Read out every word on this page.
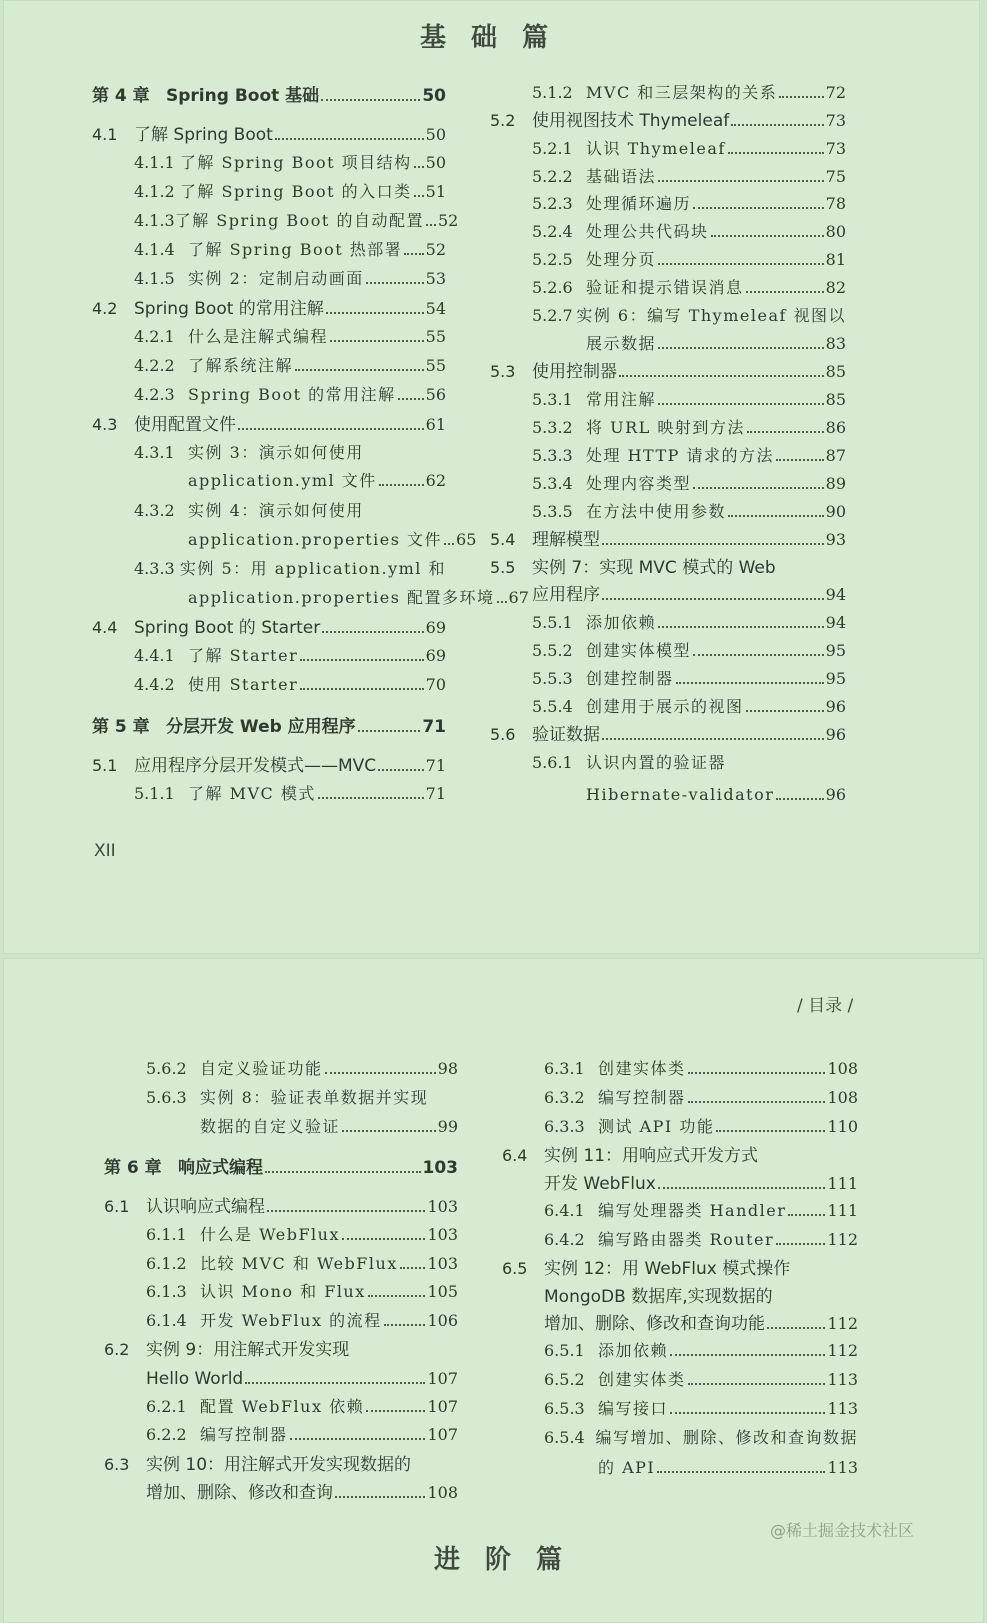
基 础 篇
第 4 章 Spring Boot 基础	50
4.1 了解 Spring Boot	50
4.1.1 了解 Spring Boot 项目结构 50
4.1.2 了解 Spring Boot 的入口类 51
4.1.3 了解 Spring Boot 的自动配置 52
4.1.4 了解 Spring Boot 热部署 52
4.1.5 实例 2：定制启动画面	53
4.2 Spring Boot 的常用注解	54
4.2.1 什么是注解式编程	55
4.2.2 了解系统注解	55
4.2.3 Spring Boot 的常用注解 56
4.3 使用配置文件	61
4.3.1 实例 3：演示如何使用
application.yml 文件	62
4.3.2 实例 4：演示如何使用
application.properties 文件 65
4.3.3 实例 5：用 application.yml 和
application.properties 配置多环境 67
4.4 Spring Boot 的 Starter	69
4.4.1 了解 Starter	69
4.4.2 使用 Starter	70
第 5 章 分层开发 Web 应用程序	71
5.1 应用程序分层开发模式——MVC	71
5.1.1 了解 MVC 模式	71
5.1.2 MVC 和三层架构的关系	72
5.2 使用视图技术 Thymeleaf	73
5.2.1 认识 Thymeleaf	73
5.2.2 基础语法	75
5.2.3 处理循环遍历	78
5.2.4 处理公共代码块	80
5.2.5 处理分页	81
5.2.6 验证和提示错误消息	82
5.2.7 实例 6：编写 Thymeleaf 视图以
展示数据	83
5.3 使用控制器	85
5.3.1 常用注解	85
5.3.2 将 URL 映射到方法	86
5.3.3 处理 HTTP 请求的方法	87
5.3.4 处理内容类型	89
5.3.5 在方法中使用参数	90
5.4 理解模型	93
5.5 实例 7：实现 MVC 模式的 Web
应用程序	94
5.5.1 添加依赖	94
5.5.2 创建实体模型	95
5.5.3 创建控制器	95
5.5.4 创建用于展示的视图	96
5.6 验证数据	96
5.6.1 认识内置的验证器
Hibernate-validator	96
XII
/ 目录 /
5.6.2 自定义验证功能	98
5.6.3 实例 8：验证表单数据并实现
数据的自定义验证	99
第 6 章 响应式编程	103
6.1 认识响应式编程	103
6.1.1 什么是 WebFlux	103
6.1.2 比较 MVC 和 WebFlux 103
6.1.3 认识 Mono 和 Flux	105
6.1.4 开发 WebFlux 的流程	106
6.2 实例 9：用注解式开发实现
Hello World	107
6.2.1 配置 WebFlux 依赖	107
6.2.2 编写控制器	107
6.3 实例 10：用注解式开发实现数据的
增加、删除、修改和查询	108
6.3.1 创建实体类	108
6.3.2 编写控制器	108
6.3.3 测试 API 功能	110
6.4 实例 11：用响应式开发方式
开发 WebFlux	111
6.4.1 编写处理器类 Handler	111
6.4.2 编写路由器类 Router	112
6.5 实例 12：用 WebFlux 模式操作
MongoDB 数据库,实现数据的
增加、删除、修改和查询功能	112
6.5.1 添加依赖	112
6.5.2 创建实体类	113
6.5.3 编写接口	113
6.5.4 编写增加、删除、修改和查询数据
的 API	113
@稀土掘金技术社区
进 阶 篇
